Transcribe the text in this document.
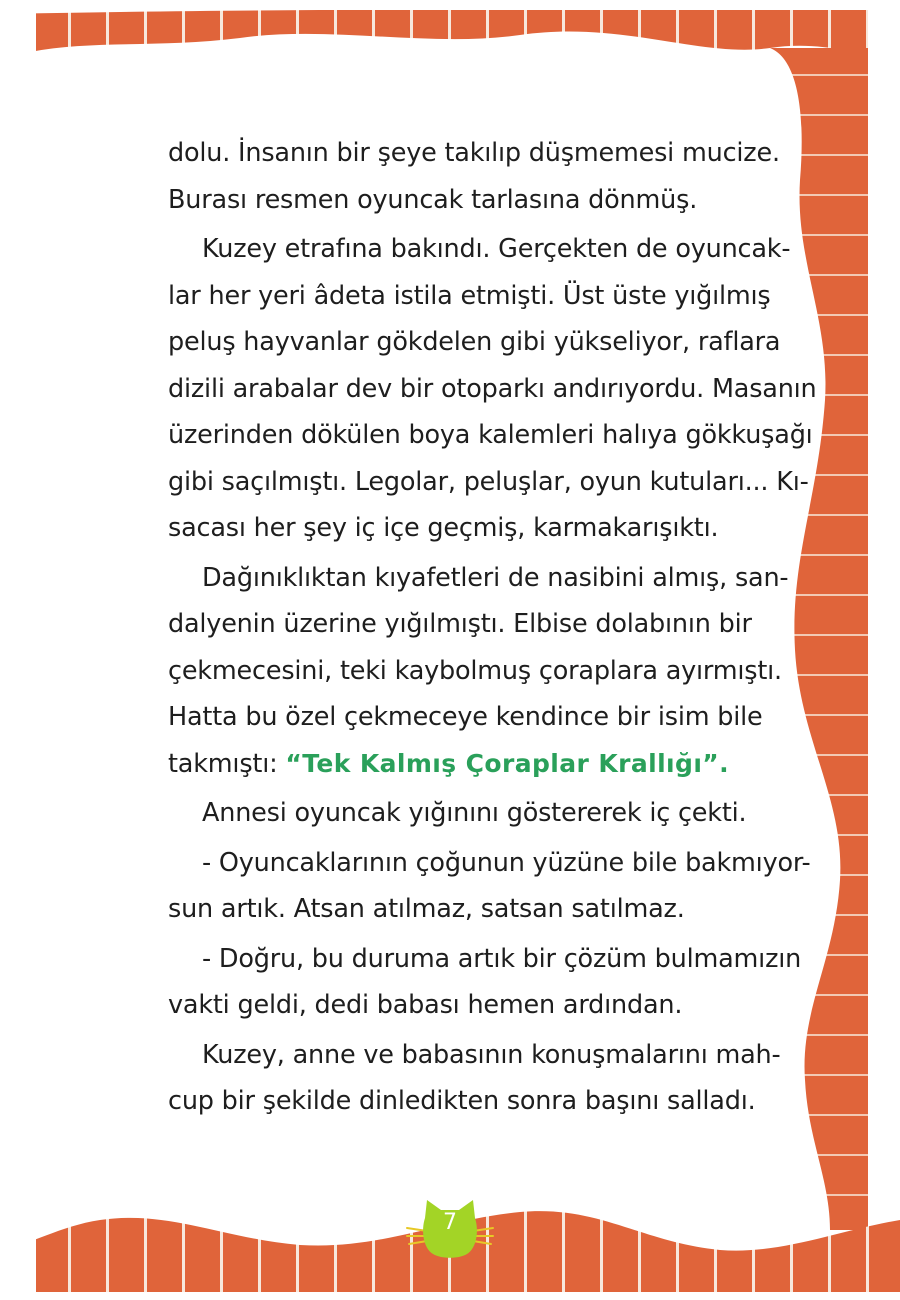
dolu. İnsanın bir şeye takılıp düşmemesi mucize.
Burası resmen oyuncak tarlasına dönmüş.
Kuzey etrafına bakındı. Gerçekten de oyuncak-
lar her yeri âdeta istila etmişti. Üst üste yığılmış
peluş hayvanlar gökdelen gibi yükseliyor, raflara
dizili arabalar dev bir otoparkı andırıyordu. Masanın
üzerinden dökülen boya kalemleri halıya gökkuşağı
gibi saçılmıştı. Legolar, peluşlar, oyun kutuları... Kı-
sacası her şey iç içe geçmiş, karmakarışıktı.
Dağınıklıktan kıyafetleri de nasibini almış, san-
dalyenin üzerine yığılmıştı. Elbise dolabının bir
çekmecesini, teki kaybolmuş çoraplara ayırmıştı.
Hatta bu özel çekmeceye kendince bir isim bile
takmıştı: “Tek Kalmış Çoraplar Krallığı”.
Annesi oyuncak yığınını göstererek iç çekti.
- Oyuncaklarının çoğunun yüzüne bile bakmıyor-
sun artık. Atsan atılmaz, satsan satılmaz.
- Doğru, bu duruma artık bir çözüm bulmamızın
vakti geldi, dedi babası hemen ardından.
Kuzey, anne ve babasının konuşmalarını mah-
cup bir şekilde dinledikten sonra başını salladı.
7
